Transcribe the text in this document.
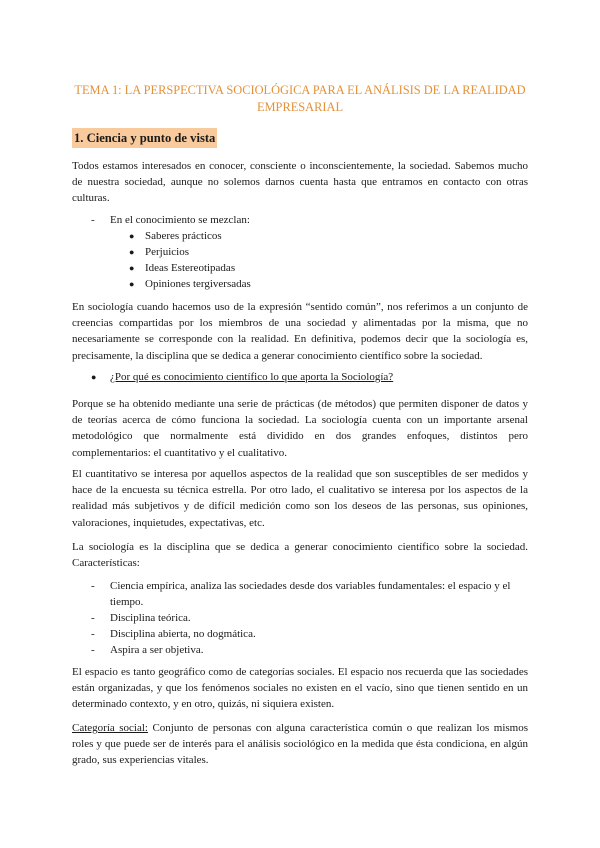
TEMA 1: LA PERSPECTIVA SOCIOLÓGICA PARA EL ANÁLISIS DE LA REALIDAD EMPRESARIAL
1. Ciencia y punto de vista
Todos estamos interesados en conocer, consciente o inconscientemente, la sociedad. Sabemos mucho de nuestra sociedad, aunque no solemos darnos cuenta hasta que entramos en contacto con otras culturas.
- En el conocimiento se mezclan:
● Saberes prácticos
● Perjuicios
● Ideas Estereotipadas
● Opiniones tergiversadas
En sociología cuando hacemos uso de la expresión “sentido común”, nos referimos a un conjunto de creencias compartidas por los miembros de una sociedad y alimentadas por la misma, que no necesariamente se corresponde con la realidad. En definitiva, podemos decir que la sociología es, precisamente, la disciplina que se dedica a generar conocimiento científico sobre la sociedad.
● ¿Por qué es conocimiento científico lo que aporta la Sociología?
Porque se ha obtenido mediante una serie de prácticas (de métodos) que permiten disponer de datos y de teorías acerca de cómo funciona la sociedad. La sociología cuenta con un importante arsenal metodológico que normalmente está dividido en dos grandes enfoques, distintos pero complementarios: el cuantitativo y el cualitativo.
El cuantitativo se interesa por aquellos aspectos de la realidad que son susceptibles de ser medidos y hace de la encuesta su técnica estrella. Por otro lado, el cualitativo se interesa por los aspectos de la realidad más subjetivos y de difícil medición como son los deseos de las personas, sus opiniones, valoraciones, inquietudes, expectativas, etc.
La sociología es la disciplina que se dedica a generar conocimiento científico sobre la sociedad. Características:
- Ciencia empírica, analiza las sociedades desde dos variables fundamentales: el espacio y el tiempo.
- Disciplina teórica.
- Disciplina abierta, no dogmática.
- Aspira a ser objetiva.
El espacio es tanto geográfico como de categorías sociales. El espacio nos recuerda que las sociedades están organizadas, y que los fenómenos sociales no existen en el vacío, sino que tienen sentido en un determinado contexto, y en otro, quizás, ni siquiera existen.
Categoría social: Conjunto de personas con alguna característica común o que realizan los mismos roles y que puede ser de interés para el análisis sociológico en la medida que ésta condiciona, en algún grado, sus experiencias vitales.
